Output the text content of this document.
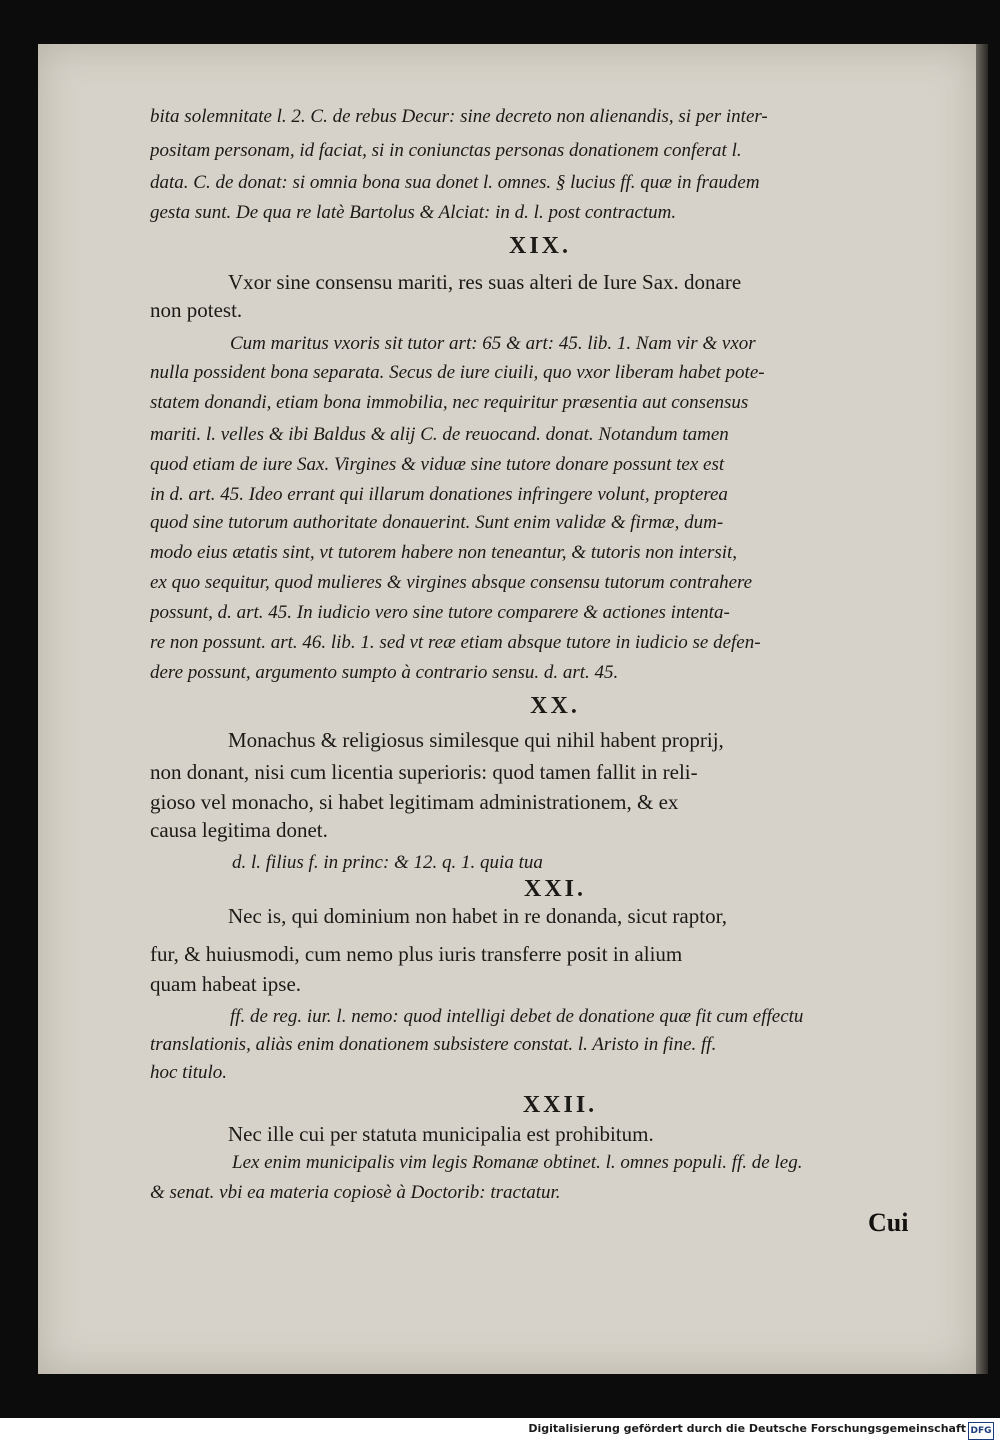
bita solemnitate l. 2. C. de rebus Decur: sine decreto non alienandis, si per inter-
positam personam, id faciat, si in coniunctas personas donationem conferat l.
data. C. de donat: si omnia bona sua donet l. omnes. § lucius ff. quæ in fraudem
gesta sunt. De qua re latè Bartolus & Alciat: in d. l. post contractum.
XIX.
Vxor sine consensu mariti, res suas alteri de Iure Sax. donare
non potest.
Cum maritus vxoris sit tutor art: 65 & art: 45. lib. 1. Nam vir & vxor
nulla possident bona separata. Secus de iure ciuili, quo vxor liberam habet pote-
statem donandi, etiam bona immobilia, nec requiritur præsentia aut consensus
mariti. l. velles & ibi Baldus & alij C. de reuocand. donat. Notandum tamen
quod etiam de iure Sax. Virgines & viduæ sine tutore donare possunt tex est
in d. art. 45. Ideo errant qui illarum donationes infringere volunt, propterea
quod sine tutorum authoritate donauerint. Sunt enim validæ & firmæ, dum-
modo eius ætatis sint, vt tutorem habere non teneantur, & tutoris non intersit,
ex quo sequitur, quod mulieres & virgines absque consensu tutorum contrahere
possunt, d. art. 45. In iudicio vero sine tutore comparere & actiones intenta-
re non possunt. art. 46. lib. 1. sed vt reæ etiam absque tutore in iudicio se defen-
dere possunt, argumento sumpto à contrario sensu. d. art. 45.
XX.
Monachus & religiosus similesque qui nihil habent proprij,
non donant, nisi cum licentia superioris: quod tamen fallit in reli-
gioso vel monacho, si habet legitimam administrationem, & ex
causa legitima donet.
d. l. filius f. in princ: & 12. q. 1. quia tua
XXI.
Nec is, qui dominium non habet in re donanda, sicut raptor,
fur, & huiusmodi, cum nemo plus iuris transferre posit in alium
quam habeat ipse.
ff. de reg. iur. l. nemo: quod intelligi debet de donatione quæ fit cum effectu
translationis, aliàs enim donationem subsistere constat. l. Aristo in fine. ff.
hoc titulo.
XXII.
Nec ille cui per statuta municipalia est prohibitum.
Lex enim municipalis vim legis Romanæ obtinet. l. omnes populi. ff. de leg.
& senat. vbi ea materia copiosè à Doctorib: tractatur.
Cui
Digitalisierung gefördert durch die Deutsche Forschungsgemeinschaft DFG
